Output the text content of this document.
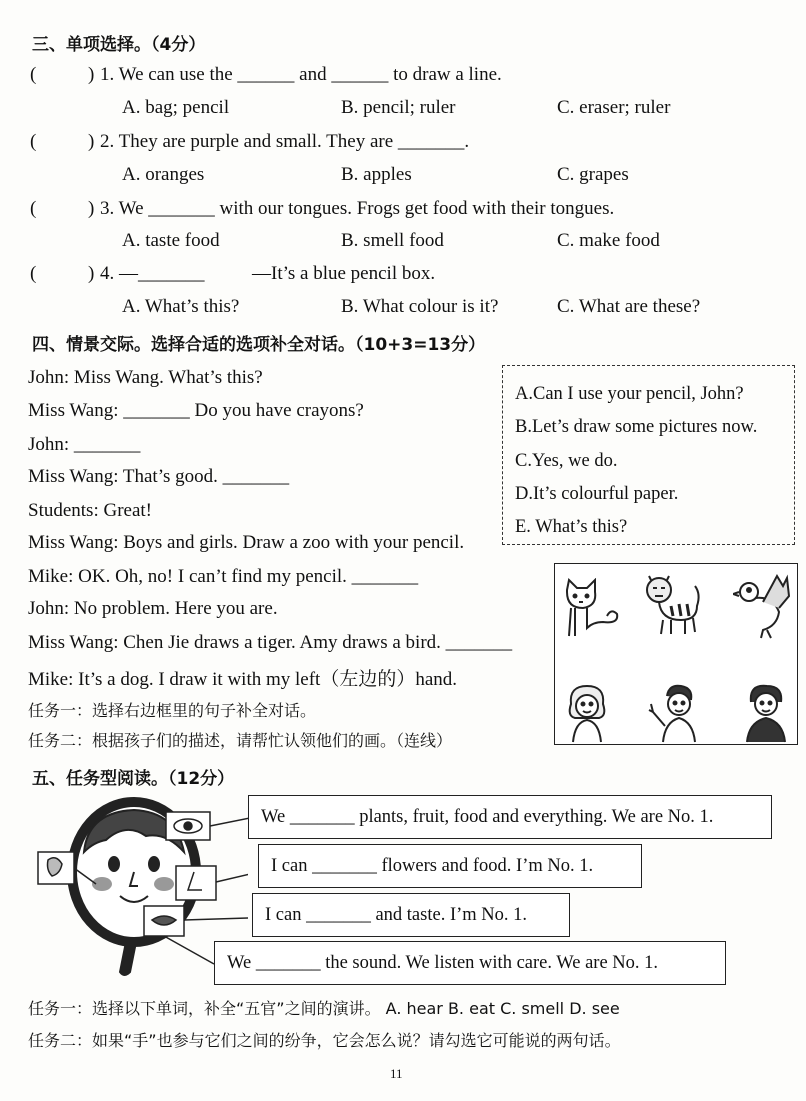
三、单项选择。（4分）
(	) 1. We can use the ______ and ______ to draw a line.
A. bag; pencil	B. pencil; ruler	C. eraser; ruler
(	) 2. They are purple and small. They are _______.
A. oranges	B. apples	C. grapes
(	) 3. We _______ with our tongues. Frogs get food with their tongues.
A. taste food	B. smell food	C. make food
(	) 4. —_______	—It’s a blue pencil box.
A. What’s this?	B. What colour is it?	C. What are these?
四、情景交际。选择合适的选项补全对话。（10+3=13分）
John: Miss Wang. What’s this?
Miss Wang: _______ Do you have crayons?
John: _______
Miss Wang: That’s good. _______
Students: Great!
Miss Wang: Boys and girls. Draw a zoo with your pencil.
Mike: OK. Oh, no! I can’t find my pencil. _______
John: No problem. Here you are.
Miss Wang: Chen Jie draws a tiger. Amy draws a bird. _______
Mike: It’s a dog. I draw it with my left（左边的）hand.
A.Can I use your pencil, John?
B.Let’s draw some pictures now.
C.Yes, we do.
D.It’s colourful paper.
E. What’s this?
任务一：选择右边框里的句子补全对话。
任务二：根据孩子们的描述，请帮忙认领他们的画。（连线）
五、任务型阅读。（12分）
We _______ plants, fruit, food and everything. We are No. 1.
I can _______ flowers and food. I’m No. 1.
I can _______ and taste. I’m No. 1.
We _______ the sound. We listen with care. We are No. 1.
任务一：选择以下单词，补全“五官”之间的演讲。 A. hear B. eat C. smell D. see
任务二：如果“手”也参与它们之间的纷争，它会怎么说？请勾选它可能说的两句话。
11
